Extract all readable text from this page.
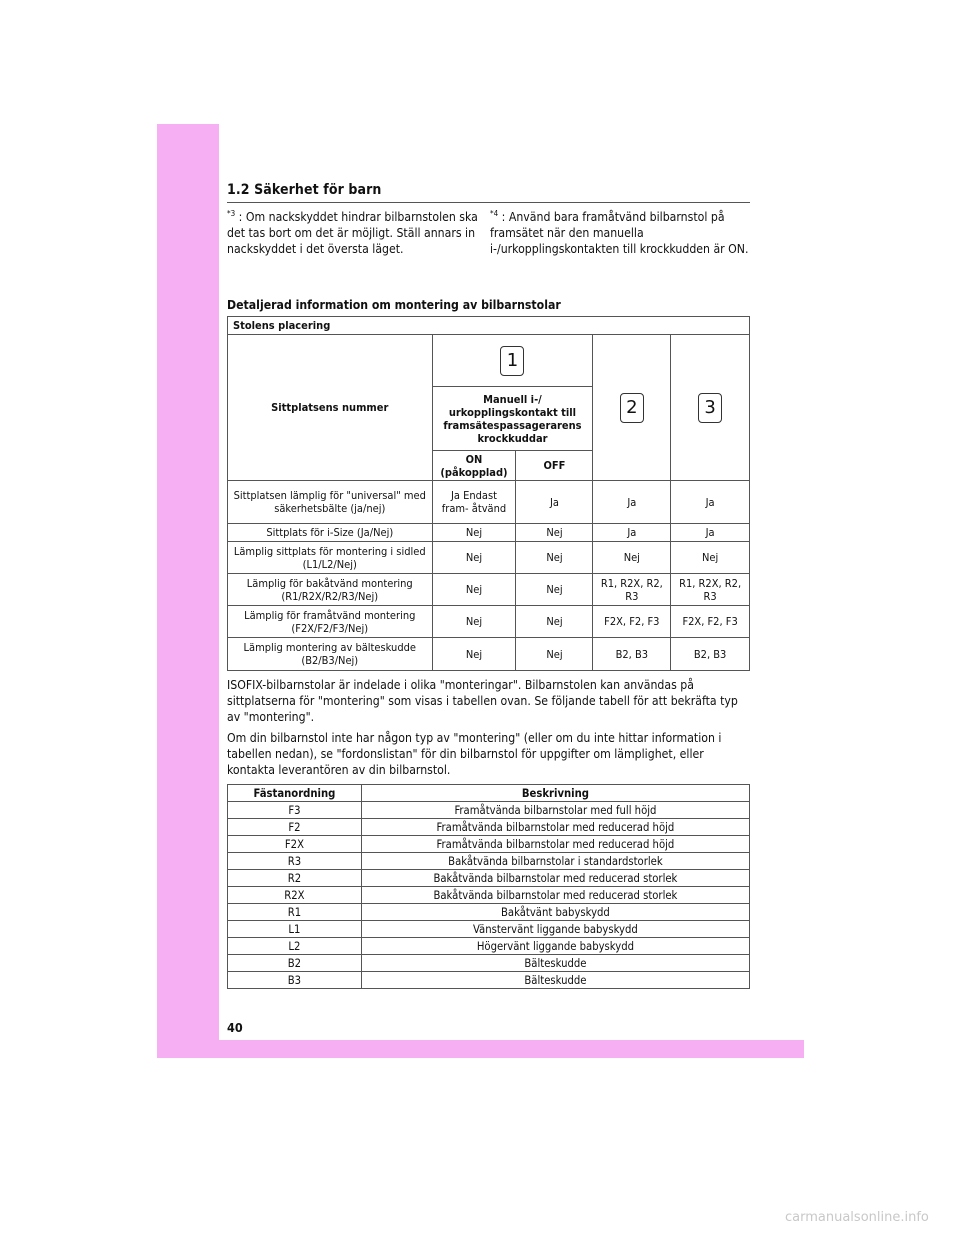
1.2 Säkerhet för barn
$^{*3}$ : Om nackskyddet hindrar bilbarnstolen ska det tas bort om det är möjligt. Ställ annars in nackskyddet i det översta läget.
$^{*4}$ : Använd bara framåtvänd bilbarnstol på framsätet när den manuella i-/urkopplingskontakten till krockkudden är ON.
Detaljerad information om montering av bilbarnstolar
Stolens placering				
Sittplatsens nummer	1		2	3
	Manuell i-/ urkopplingskontakt till framsätespassagerarens krockkuddar			
	ON (påkopplad)	OFF		
Sittplatsen lämplig för "universal" med säkerhetsbälte (ja/nej)	Ja Endast fram- åtvänd	Ja	Ja	Ja
Sittplats för i-Size (Ja/Nej)	Nej	Nej	Ja	Ja
Lämplig sittplats för montering i sidled (L1/L2/Nej)	Nej	Nej	Nej	Nej
Lämplig för bakåtvänd montering (R1/R2X/R2/R3/Nej)	Nej	Nej	R1, R2X, R2, R3	R1, R2X, R2, R3
Lämplig för framåtvänd montering (F2X/F2/F3/Nej)	Nej	Nej	F2X, F2, F3	F2X, F2, F3
Lämplig montering av bälteskudde (B2/B3/Nej)	Nej	Nej	B2, B3	B2, B3
ISOFIX-bilbarnstolar är indelade i olika "monteringar". Bilbarnstolen kan användas på sittplatserna för "montering" som visas i tabellen ovan. Se följande tabell för att bekräfta typ av "montering".
Om din bilbarnstol inte har någon typ av "montering" (eller om du inte hittar information i tabellen nedan), se "fordonslistan" för din bilbarnstol för uppgifter om lämplighet, eller kontakta leverantören av din bilbarnstol.
Fästanordning	Beskrivning
F3	Framåtvända bilbarnstolar med full höjd
F2	Framåtvända bilbarnstolar med reducerad höjd
F2X	Framåtvända bilbarnstolar med reducerad höjd
R3	Bakåtvända bilbarnstolar i standardstorlek
R2	Bakåtvända bilbarnstolar med reducerad storlek
R2X	Bakåtvända bilbarnstolar med reducerad storlek
R1	Bakåtvänt babyskydd
L1	Vänstervänt liggande babyskydd
L2	Högervänt liggande babyskydd
B2	Bälteskudde
B3	Bälteskudde
40
carmanualsonline.info
